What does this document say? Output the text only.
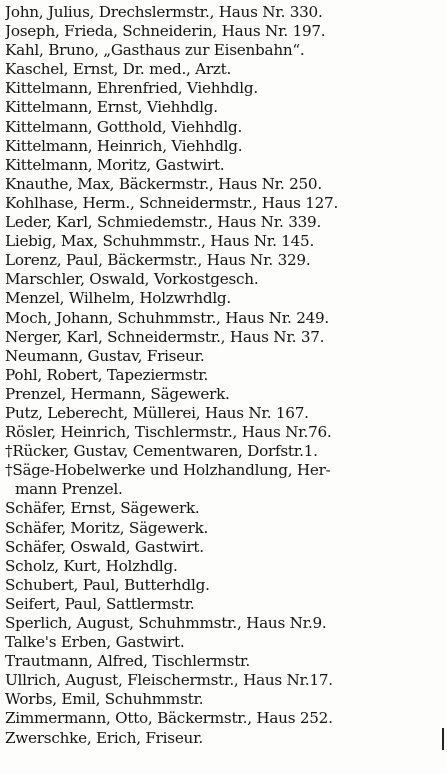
John, Julius, Drechslermstr., Haus Nr. 330.
Joseph, Frieda, Schneiderin, Haus Nr. 197.
Kahl, Bruno, „Gasthaus zur Eisenbahn“.
Kaschel, Ernst, Dr. med., Arzt.
Kittelmann, Ehrenfried, Viehhdlg.
Kittelmann, Ernst, Viehhdlg.
Kittelmann, Gotthold, Viehhdlg.
Kittelmann, Heinrich, Viehhdlg.
Kittelmann, Moritz, Gastwirt.
Knauthe, Max, Bäckermstr., Haus Nr. 250.
Kohlhase, Herm., Schneidermstr., Haus 127.
Leder, Karl, Schmiedemstr., Haus Nr. 339.
Liebig, Max, Schuhmmstr., Haus Nr. 145.
Lorenz, Paul, Bäckermstr., Haus Nr. 329.
Marschler, Oswald, Vorkostgesch.
Menzel, Wilhelm, Holzwrhdlg.
Moch, Johann, Schuhmmstr., Haus Nr. 249.
Nerger, Karl, Schneidermstr., Haus Nr. 37.
Neumann, Gustav, Friseur.
Pohl, Robert, Tapeziermstr.
Prenzel, Hermann, Sägewerk.
Putz, Leberecht, Müllerei, Haus Nr. 167.
Rösler, Heinrich, Tischlermstr., Haus Nr.76.
†Rücker, Gustav, Cementwaren, Dorfstr.1.
†Säge-Hobelwerke und Holzhandlung, Her-
mann Prenzel.
Schäfer, Ernst, Sägewerk.
Schäfer, Moritz, Sägewerk.
Schäfer, Oswald, Gastwirt.
Scholz, Kurt, Holzhdlg.
Schubert, Paul, Butterhdlg.
Seifert, Paul, Sattlermstr.
Sperlich, August, Schuhmmstr., Haus Nr.9.
Talke's Erben, Gastwirt.
Trautmann, Alfred, Tischlermstr.
Ullrich, August, Fleischermstr., Haus Nr.17.
Worbs, Emil, Schuhmmstr.
Zimmermann, Otto, Bäckermstr., Haus 252.
Zwerschke, Erich, Friseur.
